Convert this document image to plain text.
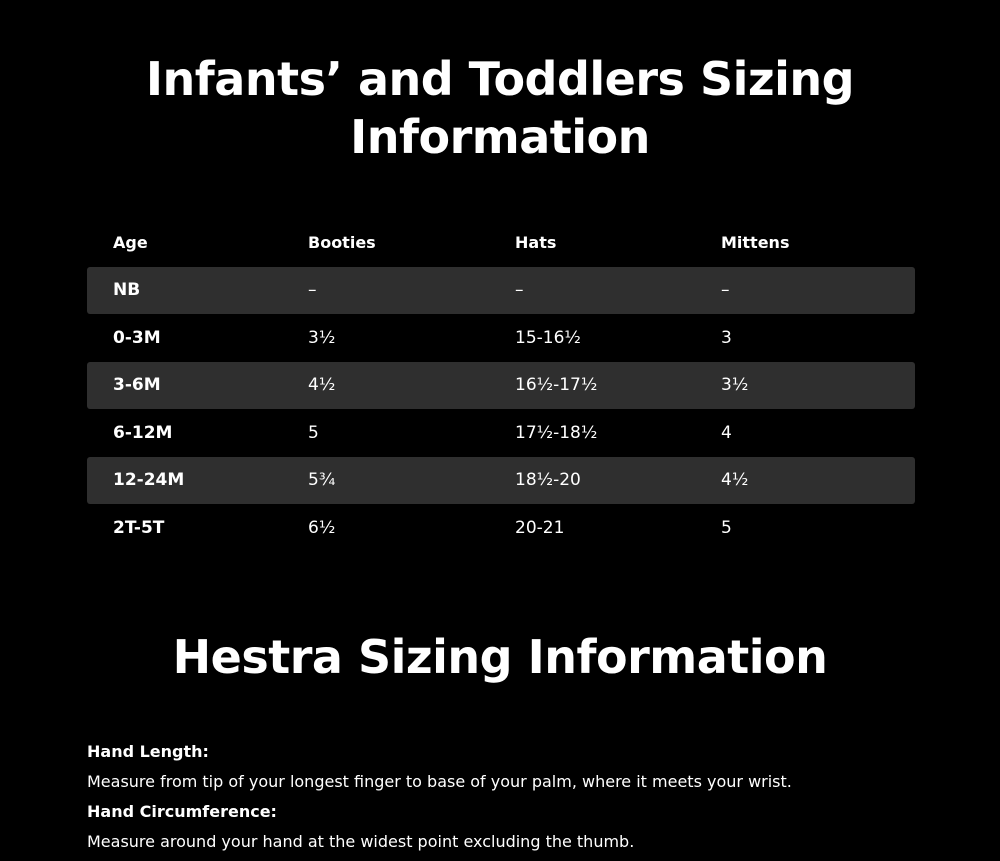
Infants’ and Toddlers Sizing
Information
Age	Booties	Hats	Mittens
NB	–	–	–
0-3M	3½	15-16½	3
3-6M	4½	16½-17½	3½
6-12M	5	17½-18½	4
12-24M	5¾	18½-20	4½
2T-5T	6½	20-21	5
Hestra Sizing Information
Hand Length:
Measure from tip of your longest finger to base of your palm, where it meets your wrist.
Hand Circumference:
Measure around your hand at the widest point excluding the thumb.
